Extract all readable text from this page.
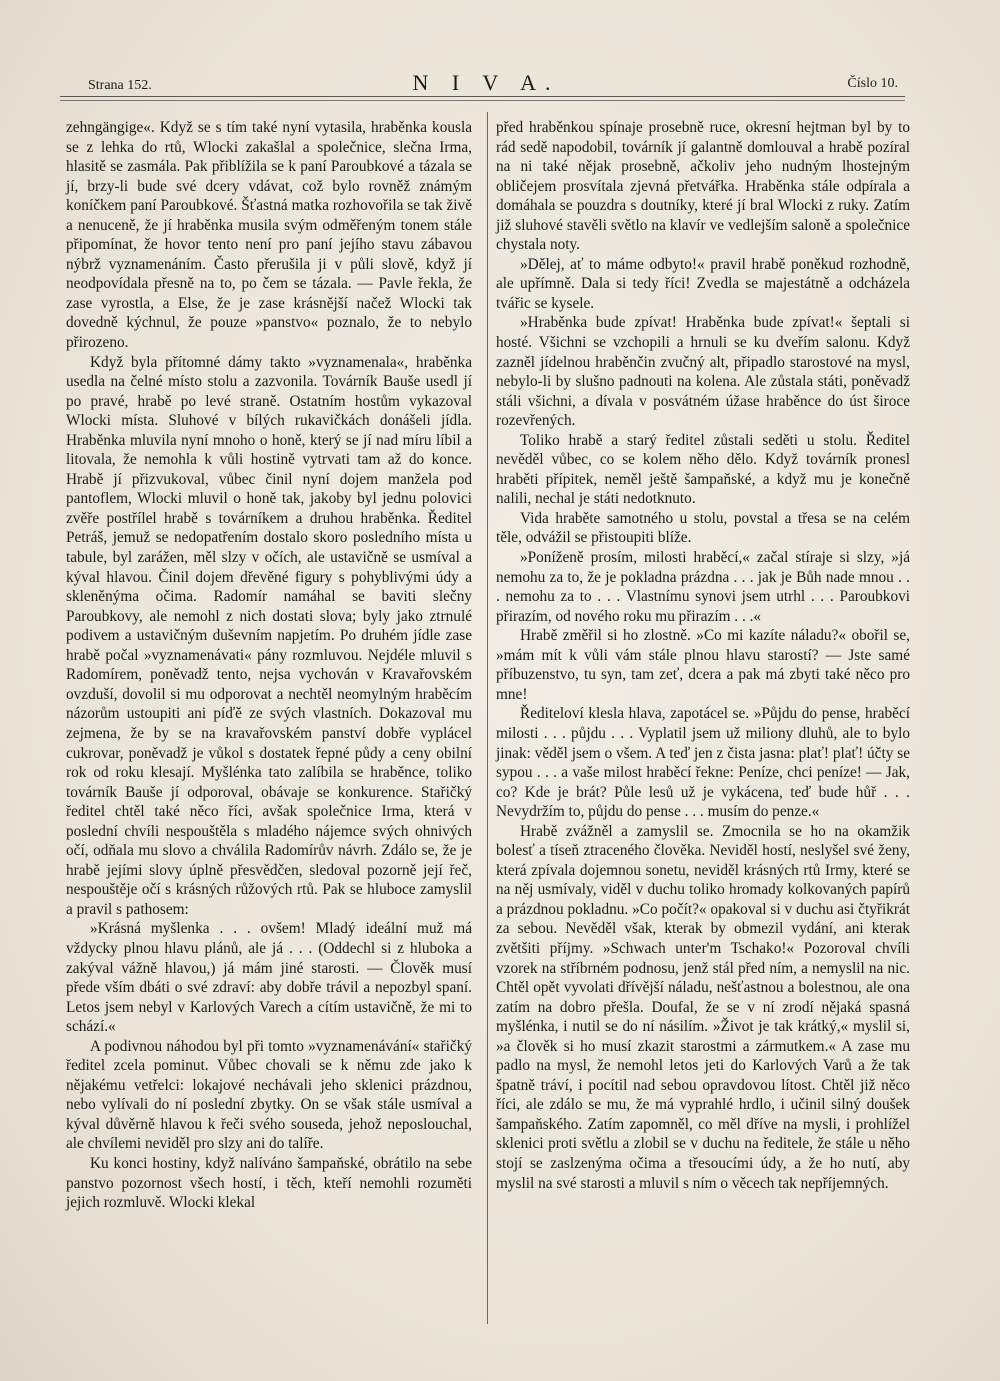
Strana 152.	N I V A.	Číslo 10.

zehngängige«. Když se s tím také nyní vytasila, hraběnka kousla se z lehka do rtů, Wlocki zakašlal a společnice, slečna Irma, hlasitě se zasmála. Pak přiblížila se k paní Paroubkové a tázala se jí, brzy-li bude své dcery vdávat, což bylo rovněž známým koníčkem paní Paroubkové. Šťastná matka rozhovořila se tak živě a nenuceně, že jí hraběnka musila svým odměřeným tonem stále připomínat, že hovor tento není pro paní jejího stavu zábavou nýbrž vyznamenáním. Často přerušila ji v půli slově, když jí neodpovídala přesně na to, po čem se tázala. — Pavle řekla, že zase vyrostla, a Else, že je zase krásnější načež Wlocki tak dovedně kýchnul, že pouze »panstvo« poznalo, že to nebylo přirozeno.

Když byla přítomné dámy takto »vyznamenala«, hraběnka usedla na čelné místo stolu a zazvonila. Továrník Bauše usedl jí po pravé, hrabě po levé straně. Ostatním hostům vykazoval Wlocki místa. Sluhové v bílých rukavičkách donášeli jídla. Hraběnka mluvila nyní mnoho o honě, který se jí nad míru líbil a litovala, že nemohla k vůli hostině vytrvati tam až do konce. Hrabě jí přizvukoval, vůbec činil nyní dojem manžela pod pantoflem, Wlocki mluvil o honě tak, jakoby byl jednu polovici zvěře postřílel hrabě s továrníkem a druhou hraběnka. Ředitel Petráš, jemuž se nedopatřením dostalo skoro posledního místa u tabule, byl zarážen, měl slzy v očích, ale ustavičně se usmíval a kýval hlavou. Činil dojem dřevěné figury s pohyblivými údy a skleněnýma očima. Radomír namáhal se baviti slečny Paroubkovy, ale nemohl z nich dostati slova; byly jako ztrnulé podivem a ustavičným duševním napjetím. Po druhém jídle zase hrabě počal »vyznamenávati« pány rozmluvou. Nejdéle mluvil s Radomírem, poněvadž tento, nejsa vychován v Kravařovském ovzduší, dovolil si mu odporovat a nechtěl neomylným hraběcím názorům ustoupiti ani píďě ze svých vlastních. Dokazoval mu zejmena, že by se na kravařovském panství dobře vyplácel cukrovar, poněvadž je vůkol s dostatek řepné půdy a ceny obilní rok od roku klesají. Myšlénka tato zalíbila se hraběnce, toliko továrník Bauše jí odporoval, obávaje se konkurence. Stařičký ředitel chtěl také něco říci, avšak společnice Irma, která v poslední chvíli nespouštěla s mladého nájemce svých ohnivých očí, odňala mu slovo a chválila Radomírův návrh. Zdálo se, že je hrabě jejími slovy úplně přesvědčen, sledoval pozorně její řeč, nespouštěje očí s krásných růžových rtů. Pak se hluboce zamyslil a pravil s pathosem:

»Krásná myšlenka . . . ovšem! Mladý ideální muž má vždycky plnou hlavu plánů, ale já . . . (Oddechl si z hluboka a zakýval vážně hlavou,) já mám jiné starosti. — Člověk musí přede vším dbáti o své zdraví: aby dobře trávil a nepozbyl spaní. Letos jsem nebyl v Karlových Varech a cítím ustavičně, že mi to schází.«

A podivnou náhodou byl při tomto »vyznamenávání« stařičký ředitel zcela pominut. Vůbec chovali se k němu zde jako k nějakému vetřelci: lokajové nechávali jeho sklenici prázdnou, nebo vylívali do ní poslední zbytky. On se však stále usmíval a kýval důvěrně hlavou k řeči svého souseda, jehož neposlouchal, ale chvílemi neviděl pro slzy ani do talíře.

Ku konci hostiny, když nalíváno šampaňské, obrátilo na sebe panstvo pozornost všech hostí, i těch, kteří nemohli rozuměti jejich rozmluvě. Wlocki klekal

před hraběnkou spínaje prosebně ruce, okresní hejtman byl by to rád sedě napodobil, továrník jí galantně domlouval a hrabě pozíral na ni také nějak prosebně, ačkoliv jeho nudným lhostejným obličejem prosvítala zjevná přetvářka. Hraběnka stále odpírala a domáhala se pouzdra s doutníky, které jí bral Wlocki z ruky. Zatím již sluhové stavěli světlo na klavír ve vedlejším saloně a společnice chystala noty.

»Dělej, ať to máme odbyto!« pravil hrabě poněkud rozhodně, ale upřímně. Dala si tedy říci! Zvedla se majestátně a odcházela tvářic se kysele.

»Hraběnka bude zpívat! Hraběnka bude zpívat!« šeptali si hosté. Všichni se vzchopili a hrnuli se ku dveřím salonu. Když zazněl jídelnou hraběnčin zvučný alt, připadlo starostové na mysl, nebylo-li by slušno padnouti na kolena. Ale zůstala státi, poněvadž stáli všichni, a dívala v posvátném úžase hraběnce do úst široce rozevřených.

Toliko hrabě a starý ředitel zůstali seděti u stolu. Ředitel nevěděl vůbec, co se kolem něho dělo. Když továrník pronesl hraběti přípitek, neměl ještě šampaňské, a když mu je konečně nalili, nechal je státi nedotknuto.

Vida hraběte samotného u stolu, povstal a třesa se na celém těle, odvážil se přistoupiti blíže.

»Poníženě prosím, milosti hraběcí,« začal stíraje si slzy, »já nemohu za to, že je pokladna prázdna . . . jak je Bůh nade mnou . . . nemohu za to . . . Vlastnímu synovi jsem utrhl . . . Paroubkovi přirazím, od nového roku mu přirazím . . .«

Hrabě změřil si ho zlostně. »Co mi kazíte náladu?« obořil se, »mám mít k vůli vám stále plnou hlavu starostí? — Jste samé příbuzenstvo, tu syn, tam zeť, dcera a pak má zbyti také něco pro mne!

Řediteloví klesla hlava, zapotácel se. »Půjdu do pense, hraběcí milosti . . . půjdu . . . Vyplatil jsem už miliony dluhů, ale to bylo jinak: věděl jsem o všem. A teď jen z čista jasna: plať! plať! účty se sypou . . . a vaše milost hraběcí řekne: Peníze, chci peníze! — Jak, co? Kde je brát? Půle lesů už je vykácena, teď bude hůř . . . Nevydržím to, půjdu do pense . . . musím do penze.«

Hrabě zvážněl a zamyslil se. Zmocnila se ho na okamžik bolesť a tíseň ztraceného člověka. Neviděl hostí, neslyšel své ženy, která zpívala dojemnou sonetu, neviděl krásných rtů Irmy, které se na něj usmívaly, viděl v duchu toliko hromady kolkovaných papírů a prázdnou pokladnu. »Co počít?« opakoval si v duchu asi čtyřikrát za sebou. Nevěděl však, kterak by obmezil vydání, ani kterak zvětšiti příjmy. »Schwach unter'm Tschako!« Pozoroval chvíli vzorek na stříbrném podnosu, jenž stál před ním, a nemyslil na nic. Chtěl opět vyvolati dřívější náladu, nešťastnou a bolestnou, ale ona zatím na dobro přešla. Doufal, že se v ní zrodí nějaká spasná myšlénka, i nutil se do ní násilím. »Život je tak krátký,« myslil si, »a člověk si ho musí zkazit starostmi a zármutkem.« A zase mu padlo na mysl, že nemohl letos jeti do Karlových Varů a že tak špatně tráví, i pocítil nad sebou opravdovou lítost. Chtěl již něco říci, ale zdálo se mu, že má vyprahlé hrdlo, i učinil silný doušek šampaňského. Zatím zapomněl, co měl dříve na mysli, i prohlížel sklenici proti světlu a zlobil se v duchu na ředitele, že stále u něho stojí se zaslzenýma očima a třesoucími údy, a že ho nutí, aby myslil na své starosti a mluvil s ním o věcech tak nepříjemných.
